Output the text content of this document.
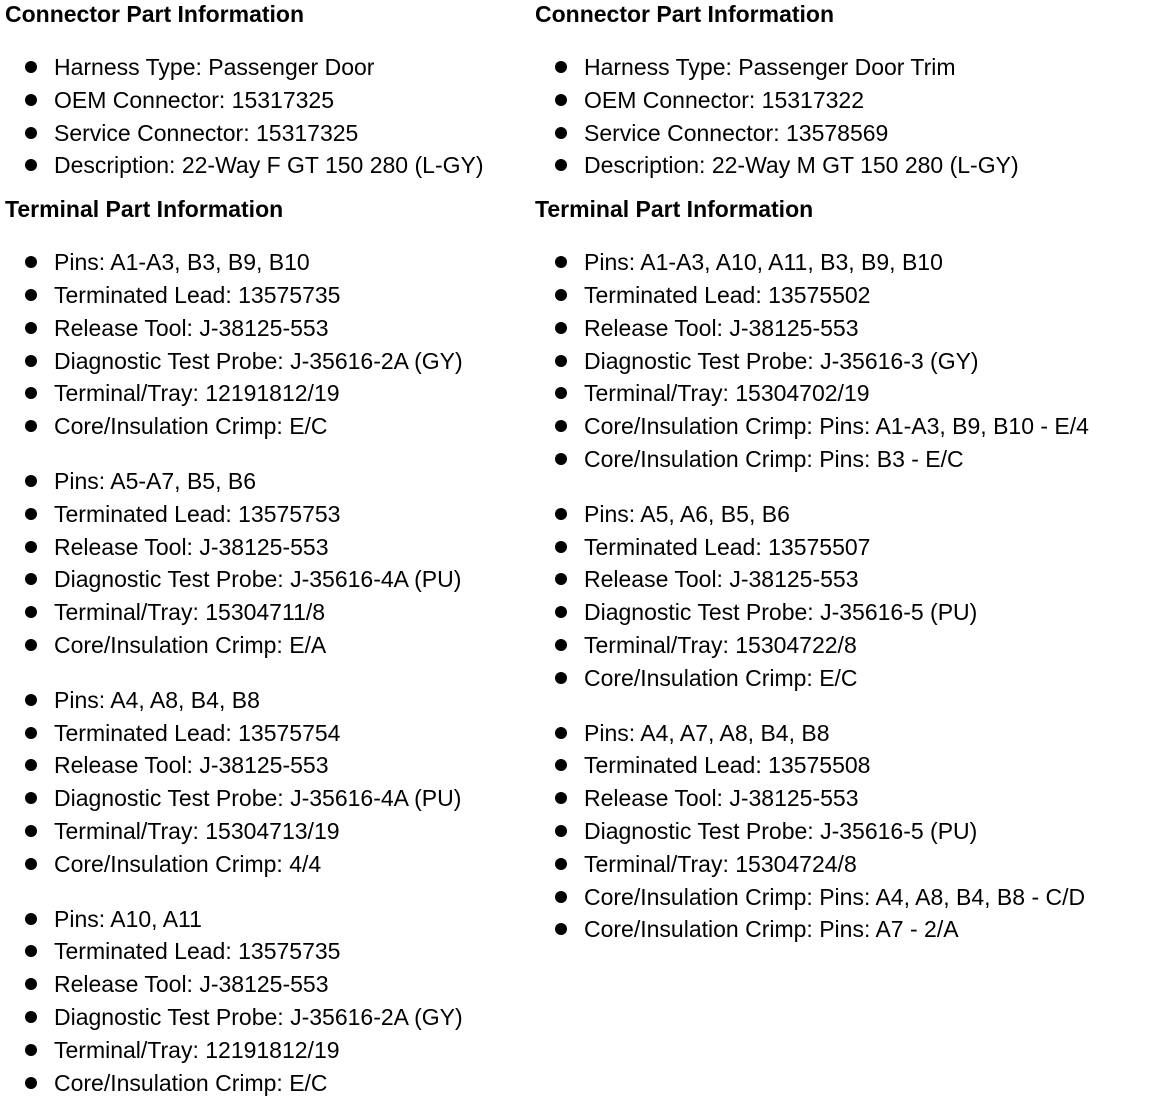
Connector Part Information
Harness Type: Passenger Door
OEM Connector: 15317325
Service Connector: 15317325
Description: 22-Way F GT 150 280 (L-GY)
Terminal Part Information
Pins: A1-A3, B3, B9, B10
Terminated Lead: 13575735
Release Tool: J-38125-553
Diagnostic Test Probe: J-35616-2A (GY)
Terminal/Tray: 12191812/19
Core/Insulation Crimp: E/C
Pins: A5-A7, B5, B6
Terminated Lead: 13575753
Release Tool: J-38125-553
Diagnostic Test Probe: J-35616-4A (PU)
Terminal/Tray: 15304711/8
Core/Insulation Crimp: E/A
Pins: A4, A8, B4, B8
Terminated Lead: 13575754
Release Tool: J-38125-553
Diagnostic Test Probe: J-35616-4A (PU)
Terminal/Tray: 15304713/19
Core/Insulation Crimp: 4/4
Pins: A10, A11
Terminated Lead: 13575735
Release Tool: J-38125-553
Diagnostic Test Probe: J-35616-2A (GY)
Terminal/Tray: 12191812/19
Core/Insulation Crimp: E/C
Connector Part Information
Harness Type: Passenger Door Trim
OEM Connector: 15317322
Service Connector: 13578569
Description: 22-Way M GT 150 280 (L-GY)
Terminal Part Information
Pins: A1-A3, A10, A11, B3, B9, B10
Terminated Lead: 13575502
Release Tool: J-38125-553
Diagnostic Test Probe: J-35616-3 (GY)
Terminal/Tray: 15304702/19
Core/Insulation Crimp: Pins: A1-A3, B9, B10 - E/4
Core/Insulation Crimp: Pins: B3 - E/C
Pins: A5, A6, B5, B6
Terminated Lead: 13575507
Release Tool: J-38125-553
Diagnostic Test Probe: J-35616-5 (PU)
Terminal/Tray: 15304722/8
Core/Insulation Crimp: E/C
Pins: A4, A7, A8, B4, B8
Terminated Lead: 13575508
Release Tool: J-38125-553
Diagnostic Test Probe: J-35616-5 (PU)
Terminal/Tray: 15304724/8
Core/Insulation Crimp: Pins: A4, A8, B4, B8 - C/D
Core/Insulation Crimp: Pins: A7 - 2/A
